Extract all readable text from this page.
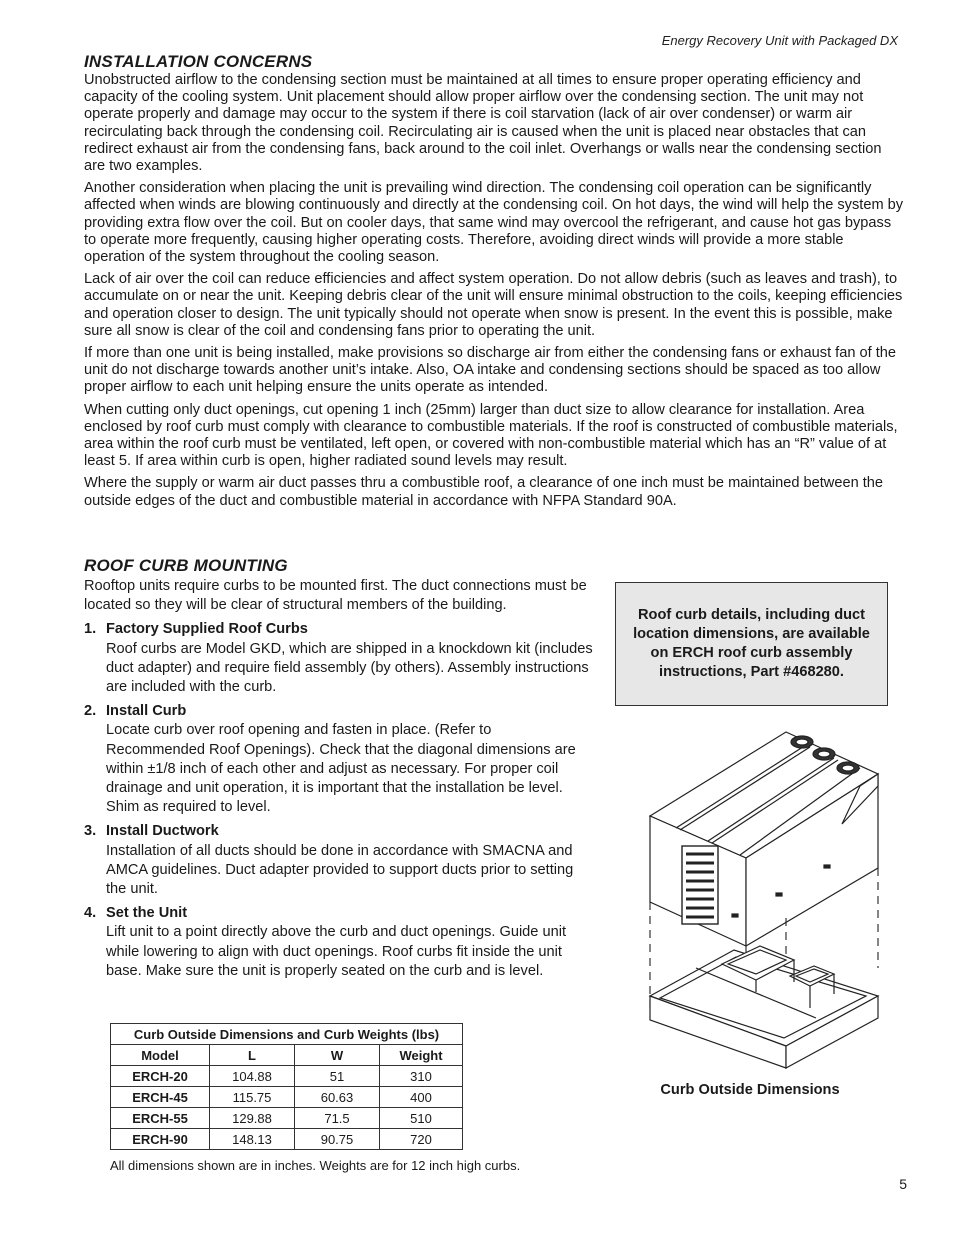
Energy Recovery Unit with Packaged DX
INSTALLATION CONCERNS

Unobstructed airflow to the condensing section must be maintained at all times to ensure proper operating efficiency and capacity of the cooling system. Unit placement should allow proper airflow over the condensing section. The unit may not operate properly and damage may occur to the system if there is coil starvation (lack of air over condenser) or warm air recirculating back through the condensing coil. Recirculating air is caused when the unit is placed near obstacles that can redirect exhaust air from the condensing fans, back around to the coil inlet. Overhangs or walls near the condensing section are two examples.

Another consideration when placing the unit is prevailing wind direction. The condensing coil operation can be significantly affected when winds are blowing continuously and directly at the condensing coil. On hot days, the wind will help the system by providing extra flow over the coil. But on cooler days, that same wind may overcool the refrigerant, and cause hot gas bypass to operate more frequently, causing higher operating costs. Therefore, avoiding direct winds will provide a more stable operation of the system throughout the cooling season.

Lack of air over the coil can reduce efficiencies and affect system operation. Do not allow debris (such as leaves and trash), to accumulate on or near the unit. Keeping debris clear of the unit will ensure minimal obstruction to the coils, keeping efficiencies and operation closer to design. The unit typically should not operate when snow is present. In the event this is possible, make sure all snow is clear of the coil and condensing fans prior to operating the unit.

If more than one unit is being installed, make provisions so discharge air from either the condensing fans or exhaust fan of the unit do not discharge towards another unit’s intake. Also, OA intake and condensing sections should be spaced as too allow proper airflow to each unit helping ensure the units operate as intended.

When cutting only duct openings, cut opening 1 inch (25mm) larger than duct size to allow clearance for installation. Area enclosed by roof curb must comply with clearance to combustible materials. If the roof is constructed of combustible materials, area within the roof curb must be ventilated, left open, or covered with non-combustible material which has an “R” value of at least 5. If area within curb is open, higher radiated sound levels may result.

Where the supply or warm air duct passes thru a combustible roof, a clearance of one inch must be maintained between the outside edges of the duct and combustible material in accordance with NFPA Standard 90A.

ROOF CURB MOUNTING

Rooftop units require curbs to be mounted first. The duct connections must be located so they will be clear of structural members of the building.

1. Factory Supplied Roof Curbs
Roof curbs are Model GKD, which are shipped in a knockdown kit (includes duct adapter) and require field assembly (by others). Assembly instructions are included with the curb.
2. Install Curb
Locate curb over roof opening and fasten in place. (Refer to Recommended Roof Openings). Check that the diagonal dimensions are within ±1/8 inch of each other and adjust as necessary. For proper coil drainage and unit operation, it is important that the installation be level. Shim as required to level.
3. Install Ductwork
Installation of all ducts should be done in accordance with SMACNA and AMCA guidelines. Duct adapter provided to support ducts prior to setting the unit.
4. Set the Unit
Lift unit to a point directly above the curb and duct openings. Guide unit while lowering to align with duct openings. Roof curbs fit inside the unit base. Make sure the unit is properly seated on the curb and is level.
Roof curb details, including duct location dimensions, are available on ERCH roof curb assembly instructions, Part #468280.
Curb Outside Dimensions
Curb Outside Dimensions and Curb Weights (lbs)			
Model	L	W	Weight
ERCH-20	104.88	51	310
ERCH-45	115.75	60.63	400
ERCH-55	129.88	71.5	510
ERCH-90	148.13	90.75	720
All dimensions shown are in inches. Weights are for 12 inch high curbs.
5
